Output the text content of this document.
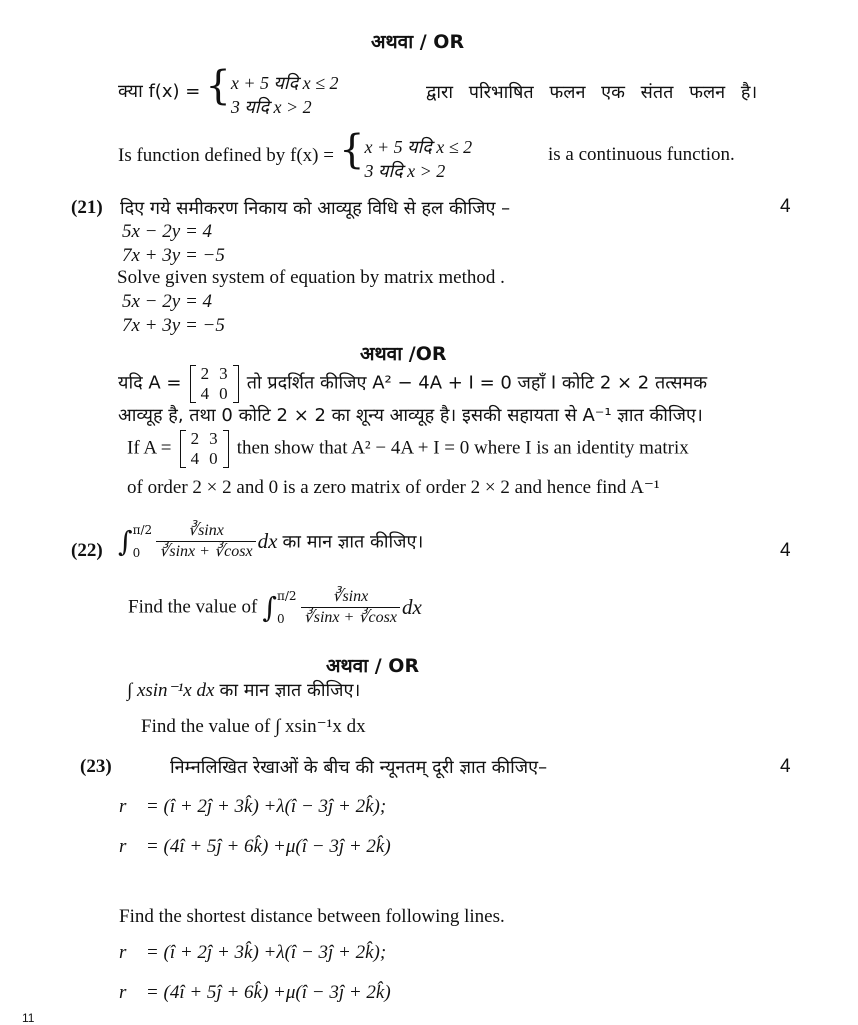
अथवा / OR
क्या f(x) = { x + 5 यदि x ≤ 2
3 यदि x > 2
द्वारा परिभाषित फलन एक संतत फलन है।
Is function defined by f(x) = { x + 5 यदि x ≤ 2
3 यदि x > 2
is a continuous function.
(21) दिए गये समीकरण निकाय को आव्यूह विधि से हल कीजिए –	4
5x − 2y = 4
7x + 3y = −5
Solve given system of equation by matrix method .
5x − 2y = 4
7x + 3y = −5
अथवा /OR
यदि A = 2	3
4	0 तो प्रदर्शित कीजिए A² − 4A + I = 0 जहाँ I कोटि 2 × 2 तत्समक
आव्यूह है, तथा 0 कोटि 2 × 2 का शून्य आव्यूह है। इसकी सहायता से A⁻¹ ज्ञात कीजिए।
If A = 2	3
4	0 then show that A² − 4A + I = 0 where I is an identity matrix
of order 2 × 2 and 0 is a zero matrix of order 2 × 2 and hence find A⁻¹
(22) ∫ π/2
$0 \frac{∛\sin x}{∛\sin x + ∛\cos x}$ dx का मान ज्ञात कीजिए।	4
Find the value of ∫ π/2
$0 \frac{∛\sin x}{∛\sin x + ∛\cos x}$ dx
अथवा / OR
∫ xsin⁻¹x dx का मान ज्ञात कीजिए।
Find the value of ∫ xsin⁻¹x dx
(23)	निम्नलिखित रेखाओं के बीच की न्यूनतम् दूरी ज्ञात कीजिए–	4
r⃗ = (î + 2ĵ + 3k̂) +λ(î − 3ĵ + 2k̂);
r⃗ = (4î + 5ĵ + 6k̂) +μ(î − 3ĵ + 2k̂)
Find the shortest distance between following lines.
r⃗ = (î + 2ĵ + 3k̂) +λ(î − 3ĵ + 2k̂);
r⃗ = (4î + 5ĵ + 6k̂) +μ(î − 3ĵ + 2k̂)
11
